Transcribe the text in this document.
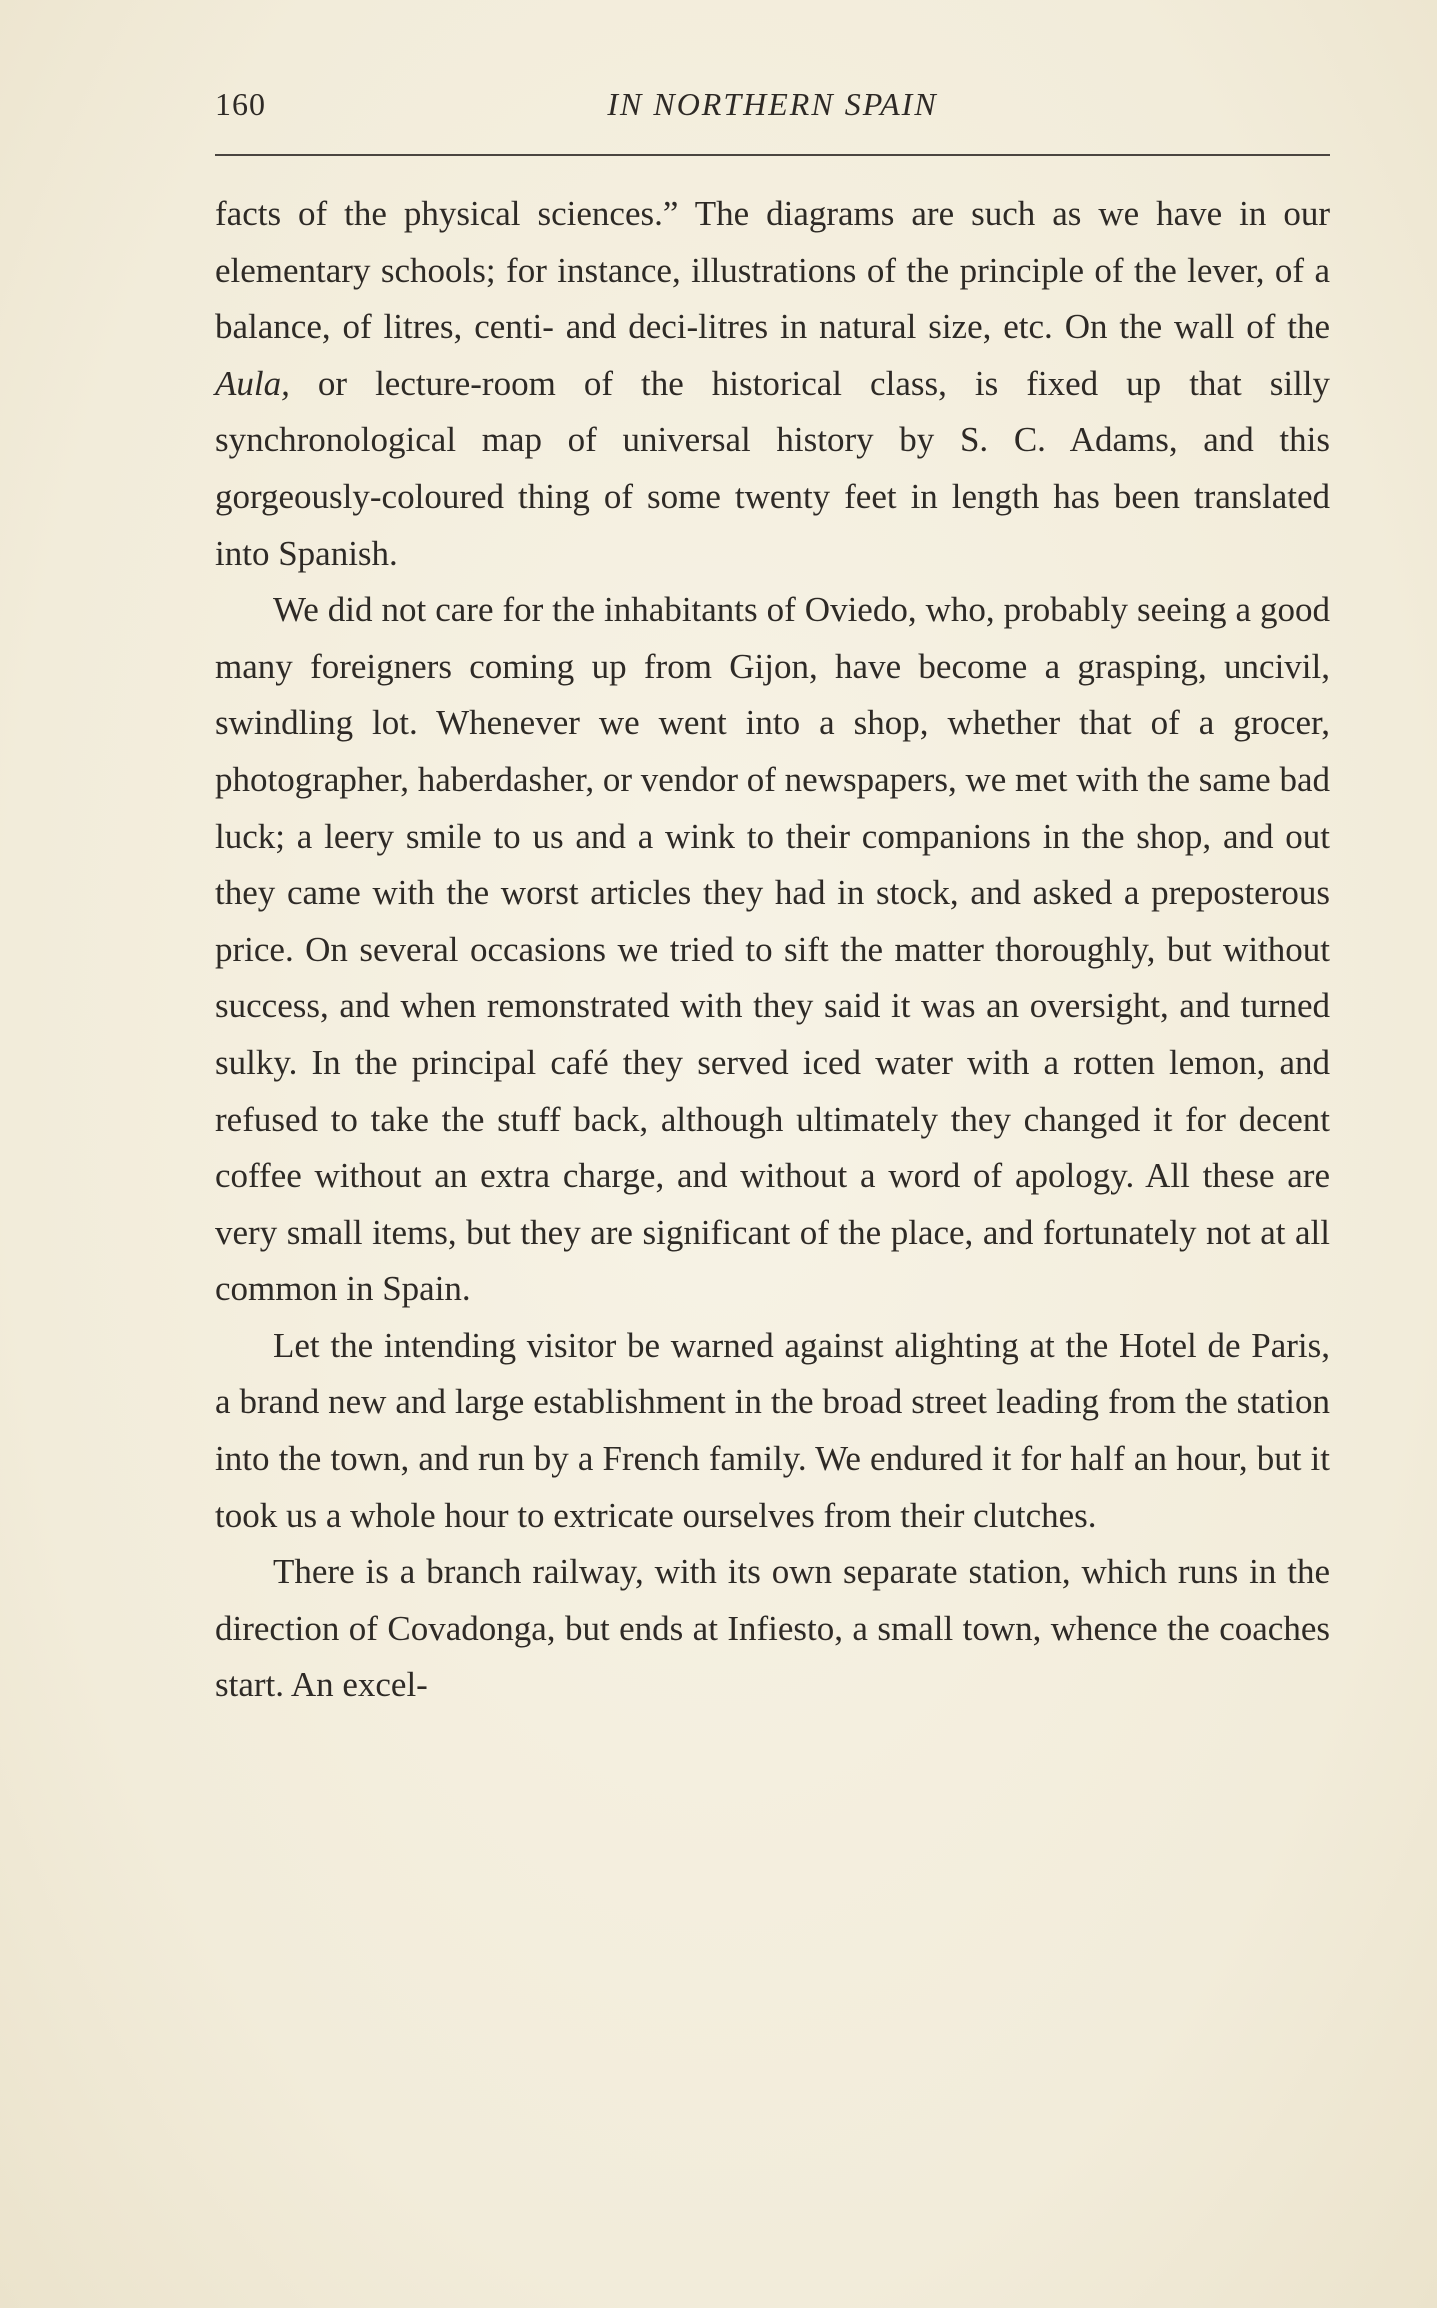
160	IN NORTHERN SPAIN

facts of the physical sciences.” The diagrams are such as we have in our elementary schools; for instance, illustrations of the principle of the lever, of a balance, of litres, centi- and deci-litres in natural size, etc. On the wall of the Aula, or lecture-room of the historical class, is fixed up that silly synchronological map of universal history by S. C. Adams, and this gorgeously-coloured thing of some twenty feet in length has been translated into Spanish.

We did not care for the inhabitants of Oviedo, who, probably seeing a good many foreigners coming up from Gijon, have become a grasping, uncivil, swindling lot. Whenever we went into a shop, whether that of a grocer, photographer, haberdasher, or vendor of newspapers, we met with the same bad luck; a leery smile to us and a wink to their companions in the shop, and out they came with the worst articles they had in stock, and asked a preposterous price. On several occasions we tried to sift the matter thoroughly, but without success, and when remonstrated with they said it was an oversight, and turned sulky. In the principal café they served iced water with a rotten lemon, and refused to take the stuff back, although ultimately they changed it for decent coffee without an extra charge, and without a word of apology. All these are very small items, but they are significant of the place, and fortunately not at all common in Spain.

Let the intending visitor be warned against alighting at the Hotel de Paris, a brand new and large establishment in the broad street leading from the station into the town, and run by a French family. We endured it for half an hour, but it took us a whole hour to extricate ourselves from their clutches.

There is a branch railway, with its own separate station, which runs in the direction of Covadonga, but ends at Infiesto, a small town, whence the coaches start. An excel-
